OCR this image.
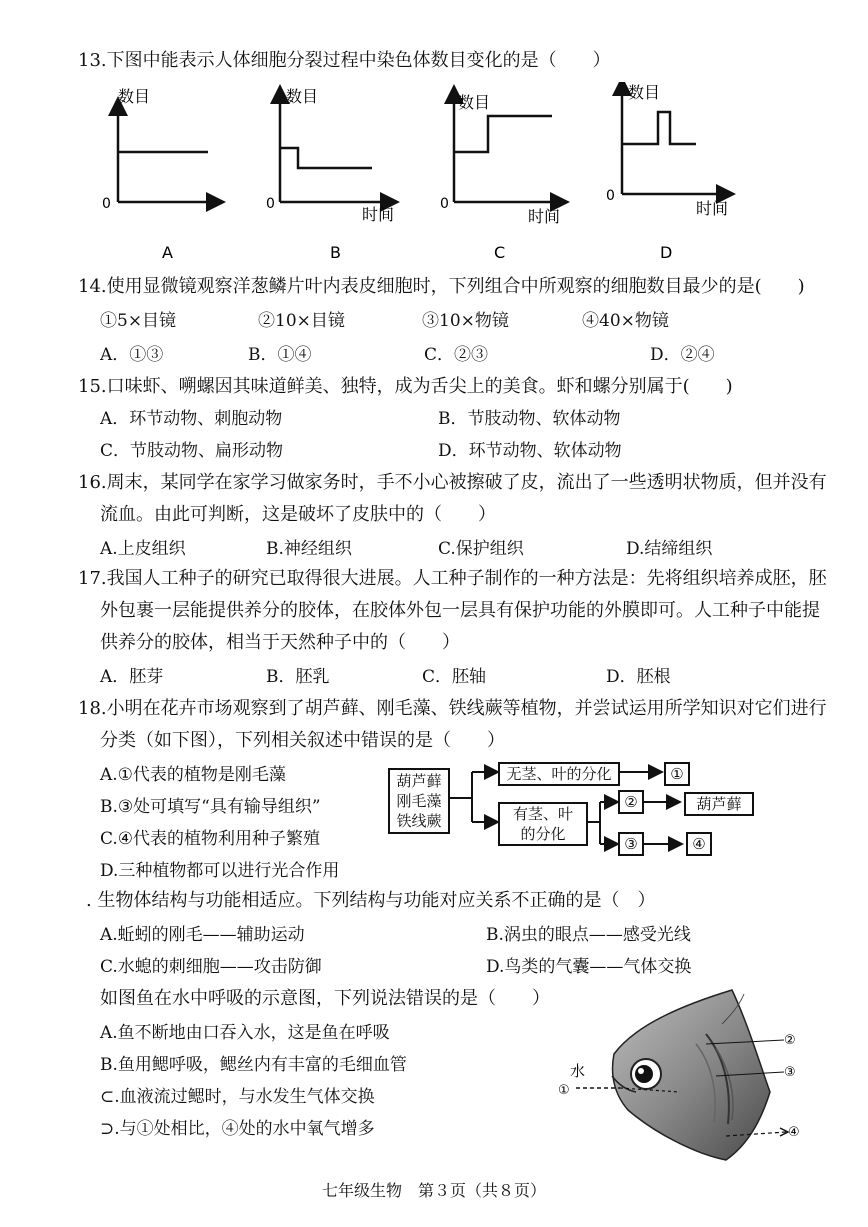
13.下图中能表示人体细胞分裂过程中染色体数目变化的是（　　）
数目
0
A
数目
0
时间
B
数目
0
时间
C
数目
0
时间
D
14.使用显微镜观察洋葱鳞片叶内表皮细胞时，下列组合中所观察的细胞数目最少的是(　　)
①5×目镜	②10×目镜	③10×物镜	④40×物镜
A．①③	B．①④	C．②③	D．②④
15.口味虾、嗍螺因其味道鲜美、独特，成为舌尖上的美食。虾和螺分别属于(　　)
A．环节动物、刺胞动物	B．节肢动物、软体动物
C．节肢动物、扁形动物	D．环节动物、软体动物
16.周末，某同学在家学习做家务时，手不小心被擦破了皮，流出了一些透明状物质，但并没有
流血。由此可判断，这是破坏了皮肤中的（　　）
A.上皮组织	B.神经组织	C.保护组织	D.结缔组织
17.我国人工种子的研究已取得很大进展。人工种子制作的一种方法是：先将组织培养成胚，胚
外包裹一层能提供养分的胶体，在胶体外包一层具有保护功能的外膜即可。人工种子中能提
供养分的胶体，相当于天然种子中的（　　）
A．胚芽	B．胚乳	C．胚轴	D．胚根
18.小明在花卉市场观察到了胡芦藓、刚毛藻、铁线蕨等植物，并尝试运用所学知识对它们进行
分类（如下图），下列相关叙述中错误的是（　　）
A.①代表的植物是刚毛藻
B.③处可填写“具有输导组织”
C.④代表的植物利用种子繁殖
D.三种植物都可以进行光合作用
葫芦藓
刚毛藻
铁线蕨
无茎、叶的分化	①
有茎、叶
的分化
②	葫芦藓
③	④
. 生物体结构与功能相适应。下列结构与功能对应关系不正确的是（　）
A.蚯蚓的刚毛——辅助运动	B.涡虫的眼点——感受光线
C.水螅的刺细胞——攻击防御	D.鸟类的气囊——气体交换
如图鱼在水中呼吸的示意图，下列说法错误的是（　　）
A.鱼不断地由口吞入水，这是鱼在呼吸
B.鱼用鳃呼吸，鳃丝内有丰富的毛细血管
⊂.血液流过鳃时，与水发生气体交换
⊃.与①处相比，④处的水中氧气增多
水
①
②
③
④
七年级生物　第３页（共８页）
